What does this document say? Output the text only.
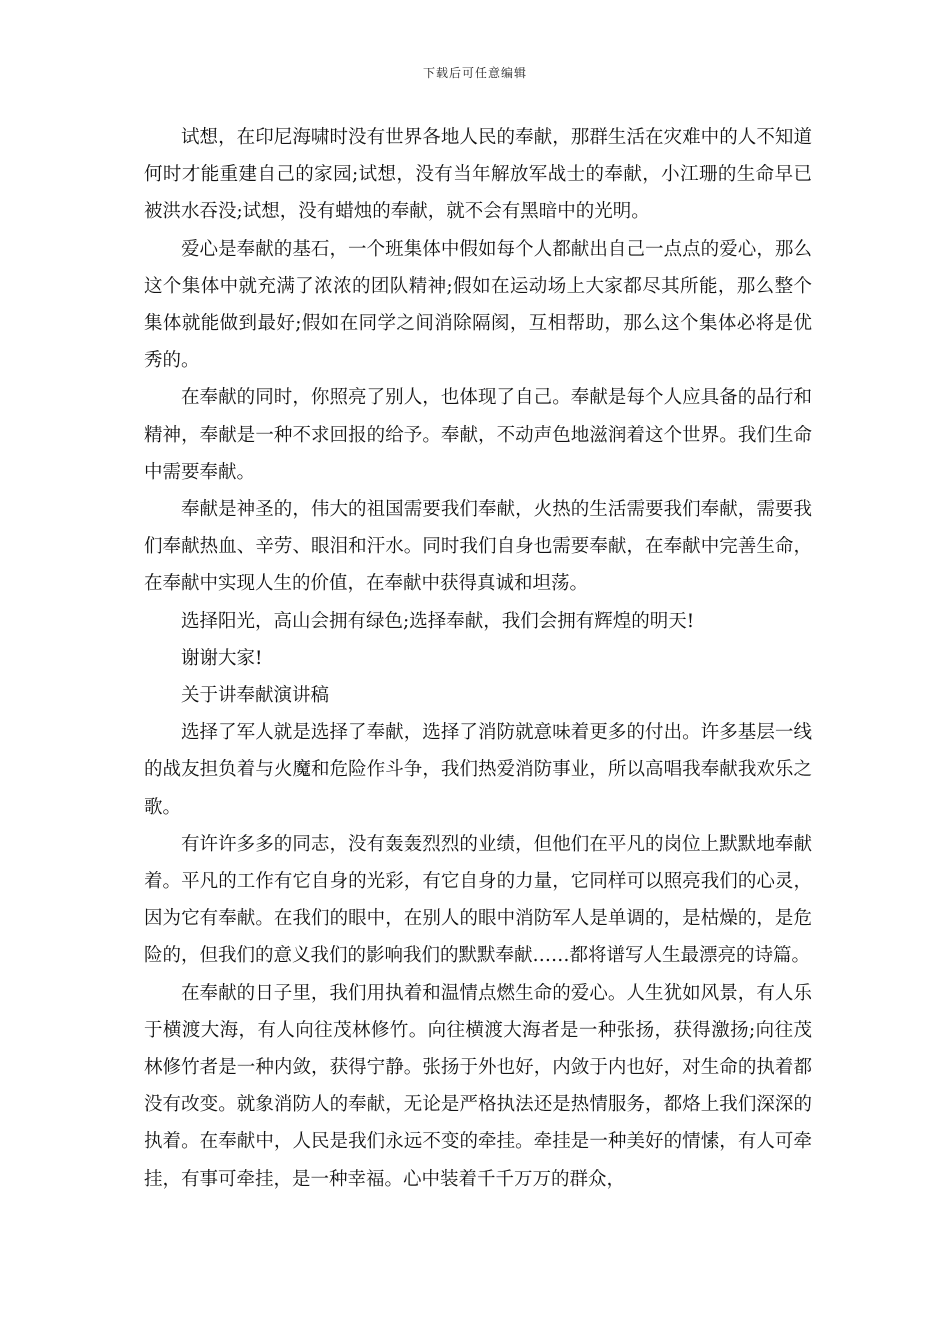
下载后可任意编辑

试想，在印尼海啸时没有世界各地人民的奉献，那群生活在灾难中的人不知道何时才能重建自己的家园;试想，没有当年解放军战士的奉献，小江珊的生命早已被洪水吞没;试想，没有蜡烛的奉献，就不会有黑暗中的光明。

爱心是奉献的基石，一个班集体中假如每个人都献出自己一点点的爱心，那么这个集体中就充满了浓浓的团队精神;假如在运动场上大家都尽其所能，那么整个集体就能做到最好;假如在同学之间消除隔阂，互相帮助，那么这个集体必将是优秀的。

在奉献的同时，你照亮了别人，也体现了自己。奉献是每个人应具备的品行和精神，奉献是一种不求回报的给予。奉献，不动声色地滋润着这个世界。我们生命中需要奉献。

奉献是神圣的，伟大的祖国需要我们奉献，火热的生活需要我们奉献，需要我们奉献热血、辛劳、眼泪和汗水。同时我们自身也需要奉献，在奉献中完善生命，在奉献中实现人生的价值，在奉献中获得真诚和坦荡。

选择阳光，高山会拥有绿色;选择奉献，我们会拥有辉煌的明天!

谢谢大家!

关于讲奉献演讲稿

选择了军人就是选择了奉献，选择了消防就意味着更多的付出。许多基层一线的战友担负着与火魔和危险作斗争，我们热爱消防事业，所以高唱我奉献我欢乐之歌。

有许许多多的同志，没有轰轰烈烈的业绩，但他们在平凡的岗位上默默地奉献着。平凡的工作有它自身的光彩，有它自身的力量，它同样可以照亮我们的心灵，因为它有奉献。在我们的眼中，在别人的眼中消防军人是单调的，是枯燥的，是危险的，但我们的意义我们的影响我们的默默奉献……都将谱写人生最漂亮的诗篇。

在奉献的日子里，我们用执着和温情点燃生命的爱心。人生犹如风景，有人乐于横渡大海，有人向往茂林修竹。向往横渡大海者是一种张扬，获得激扬;向往茂林修竹者是一种内敛，获得宁静。张扬于外也好，内敛于内也好，对生命的执着都没有改变。就象消防人的奉献，无论是严格执法还是热情服务，都烙上我们深深的执着。在奉献中，人民是我们永远不变的牵挂。牵挂是一种美好的情愫，有人可牵挂，有事可牵挂，是一种幸福。心中装着千千万万的群众，
